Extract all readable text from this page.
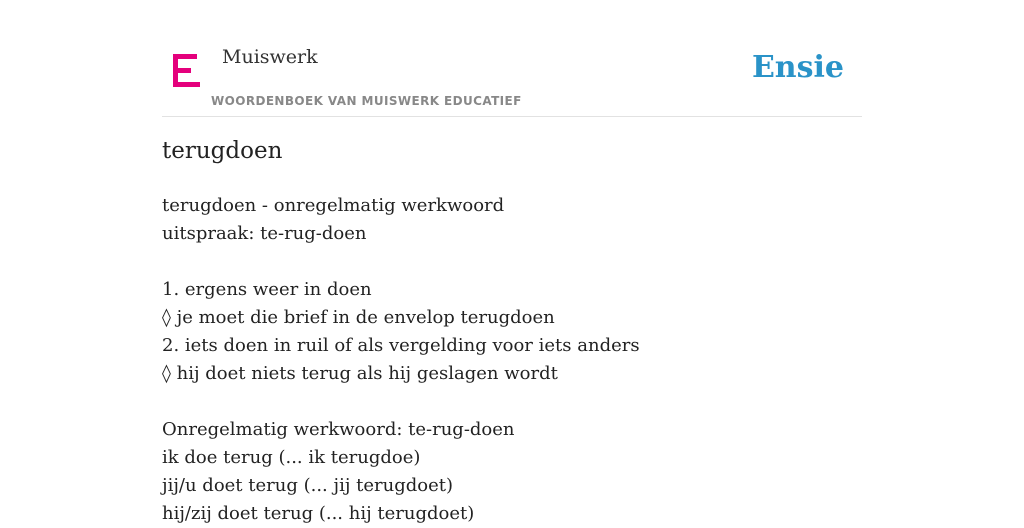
Muiswerk
WOORDENBOEK VAN MUISWERK EDUCATIEF
Ensie
terugdoen
terugdoen - onregelmatig werkwoord
uitspraak: te-rug-doen
1. ergens weer in doen
◊ je moet die brief in de envelop terugdoen
2. iets doen in ruil of als vergelding voor iets anders
◊ hij doet niets terug als hij geslagen wordt
Onregelmatig werkwoord: te-rug-doen
ik doe terug (... ik terugdoe)
jij/u doet terug (... jij terugdoet)
hij/zij doet terug (... hij terugdoet)
